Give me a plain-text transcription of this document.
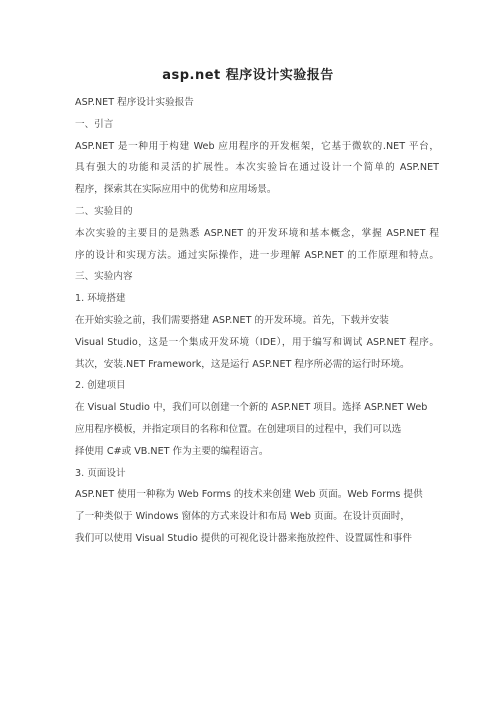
asp.net 程序设计实验报告
ASP.NET 程序设计实验报告
一、引言
ASP.NET 是一种用于构建 Web 应用程序的开发框架，它基于微软的.NET 平台，
具有强大的功能和灵活的扩展性。本次实验旨在通过设计一个简单的 ASP.NET
程序，探索其在实际应用中的优势和应用场景。
二、实验目的
本次实验的主要目的是熟悉 ASP.NET 的开发环境和基本概念，掌握 ASP.NET 程
序的设计和实现方法。通过实际操作，进一步理解 ASP.NET 的工作原理和特点。
三、实验内容
1. 环境搭建
在开始实验之前，我们需要搭建 ASP.NET 的开发环境。首先，下载并安装
Visual Studio，这是一个集成开发环境（IDE），用于编写和调试 ASP.NET 程序。
其次，安装.NET Framework，这是运行 ASP.NET 程序所必需的运行时环境。
2. 创建项目
在 Visual Studio 中，我们可以创建一个新的 ASP.NET 项目。选择 ASP.NET Web
应用程序模板，并指定项目的名称和位置。在创建项目的过程中，我们可以选
择使用 C#或 VB.NET 作为主要的编程语言。
3. 页面设计
ASP.NET 使用一种称为 Web Forms 的技术来创建 Web 页面。Web Forms 提供
了一种类似于 Windows 窗体的方式来设计和布局 Web 页面。在设计页面时，
我们可以使用 Visual Studio 提供的可视化设计器来拖放控件、设置属性和事件
